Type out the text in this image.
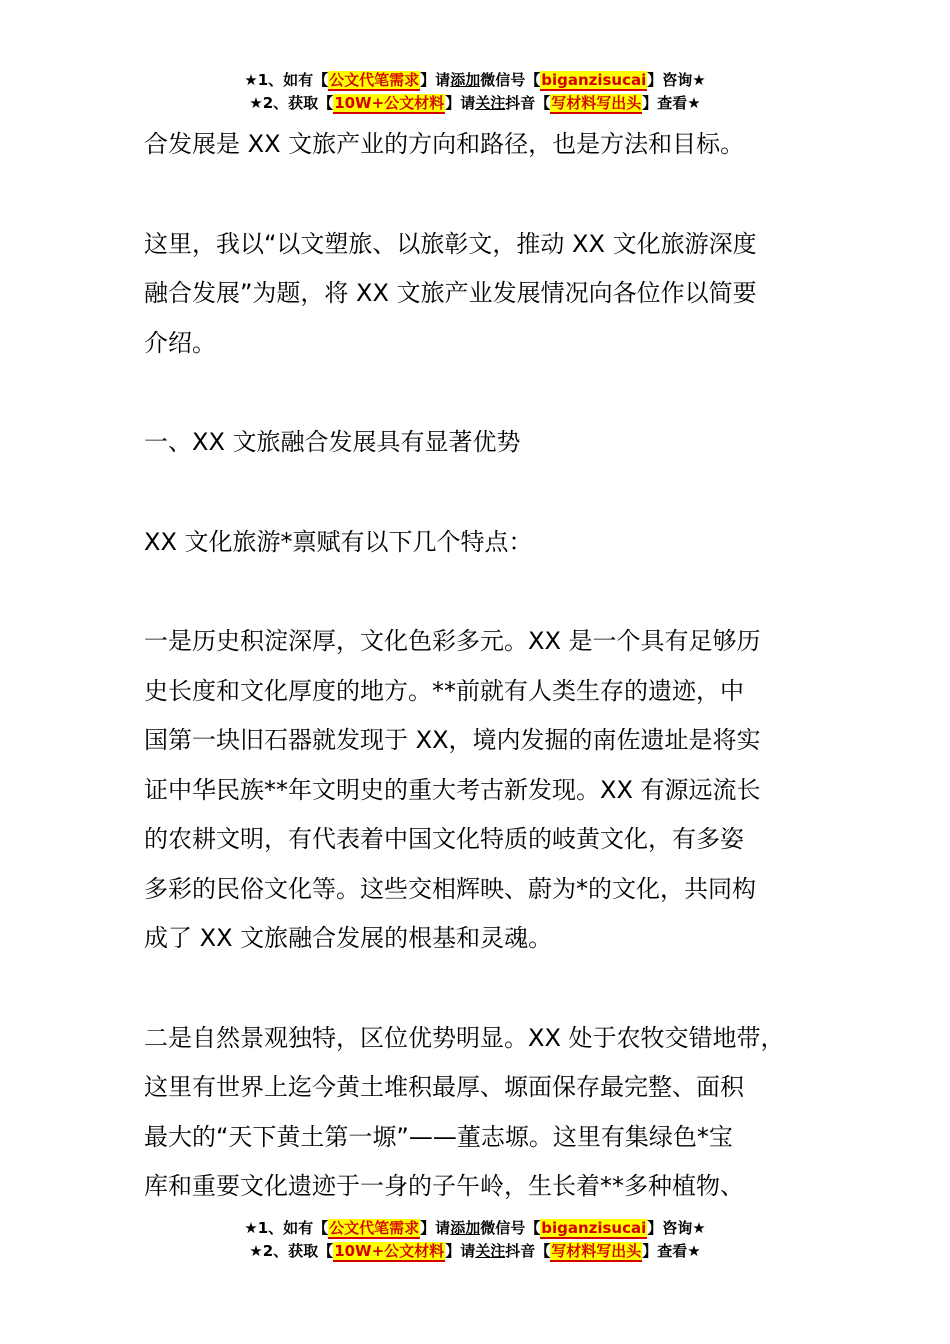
★1、如有【公文代笔需求】请添加微信号【biganzisucai】咨询★
★2、获取【10W+公文材料】请关注抖音【写材料写出头】查看★
合发展是 XX 文旅产业的方向和路径，也是方法和目标。
这里，我以“以文塑旅、以旅彰文，推动 XX 文化旅游深度
融合发展”为题，将 XX 文旅产业发展情况向各位作以简要
介绍。
一、XX 文旅融合发展具有显著优势
XX 文化旅游*禀赋有以下几个特点：
一是历史积淀深厚，文化色彩多元。XX 是一个具有足够历
史长度和文化厚度的地方。**前就有人类生存的遗迹，中
国第一块旧石器就发现于 XX，境内发掘的南佐遗址是将实
证中华民族**年文明史的重大考古新发现。XX 有源远流长
的农耕文明，有代表着中国文化特质的岐黄文化，有多姿
多彩的民俗文化等。这些交相辉映、蔚为*的文化，共同构
成了 XX 文旅融合发展的根基和灵魂。
二是自然景观独特，区位优势明显。XX 处于农牧交错地带，
这里有世界上迄今黄土堆积最厚、塬面保存最完整、面积
最大的“天下黄土第一塬”——董志塬。这里有集绿色*宝
库和重要文化遗迹于一身的子午岭，生长着**多种植物、
★1、如有【公文代笔需求】请添加微信号【biganzisucai】咨询★
★2、获取【10W+公文材料】请关注抖音【写材料写出头】查看★
